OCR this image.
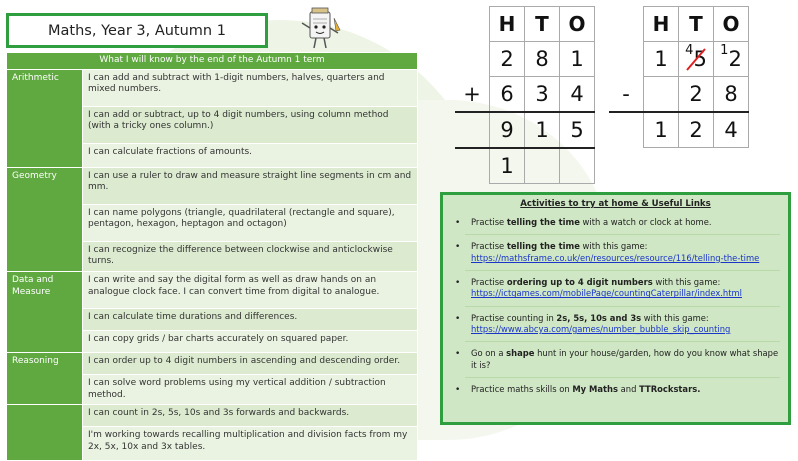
Maths, Year 3, Autumn 1
What I will know by the end of the Autumn 1 term	
Arithmetic	I can add and subtract with 1-digit numbers, halves, quarters and mixed numbers.
	I can add or subtract, up to 4 digit numbers, using column method (with a tricky ones column.)
	I can calculate fractions of amounts.
Geometry	I can use a ruler to draw and measure straight line segments in cm and mm.
	I can name polygons (triangle, quadrilateral (rectangle and square), pentagon, hexagon, heptagon and octagon)
	I can recognize the difference between clockwise and anticlockwise turns.
Data and Measure	I can write and say the digital form as well as draw hands on an analogue clock face. I can convert time from digital to analogue.
	I can calculate time durations and differences.
	I can copy grids / bar charts accurately on squared paper.
Reasoning	I can order up to 4 digit numbers in ascending and descending order.
	I can solve word problems using my vertical addition / subtraction method.
	I can count in 2s, 5s, 10s and 3s forwards and backwards.
	I'm working towards recalling multiplication and division facts from my 2x, 5x, 10x and 3x tables.
	H	T	O
	2	8	1
+	6	3	4
	9	1	5
	1		
	H	T	O
	1	$^4$5	$^1$2
-		2	8
	1	2	4
Activities to try at home & Useful Links
• Practise telling the time with a watch or clock at home.
• Practise telling the time with this game:
https://mathsframe.co.uk/en/resources/resource/116/telling-the-time
• Practise ordering up to 4 digit numbers with this game:
https://ictgames.com/mobilePage/countingCaterpillar/index.html
• Practise counting in 2s, 5s, 10s and 3s with this game:
https://www.abcya.com/games/number_bubble_skip_counting
• Go on a shape hunt in your house/garden, how do you know what shape it is?
• Practice maths skills on My Maths and TTRockstars.
